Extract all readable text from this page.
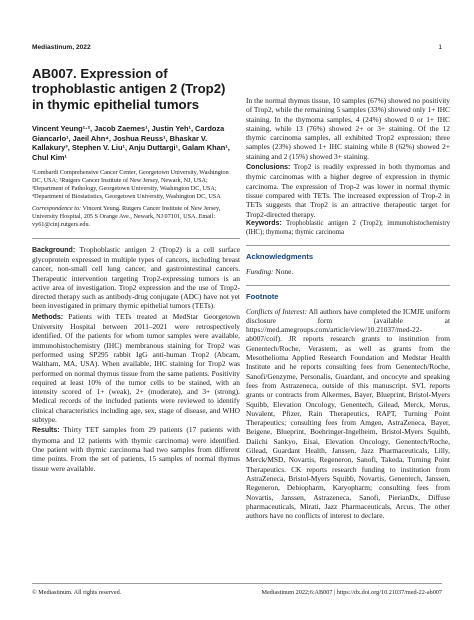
Mediastinum, 2022	1
AB007. Expression of trophoblastic antigen 2 (Trop2) in thymic epithelial tumors
Vincent Yeung¹·², Jacob Zaemes¹, Justin Yeh¹, Cardoza Giancarlo¹, Jaeil Ahn⁴, Joshua Reuss¹, Bhaskar V. Kallakury³, Stephen V. Liu¹, Anju Duttargi¹, Galam Khan¹, Chul Kim¹
¹Lombardi Comprehensive Cancer Center, Georgetown University, Washington DC, USA; ²Rutgers Cancer Institute of New Jersey, Newark, NJ, USA; ³Department of Pathology, Georgetown University, Washington DC, USA; ⁴Department of Biostatistics, Georgetown University, Washington DC, USA
Correspondence to: Vincent Yeung. Rutgers Cancer Institute of New Jersey, University Hospital, 205 S Orange Ave., Newark, NJ 07101, USA. Email: vy61@cinj.rutgers.edu.

Background: Trophoblastic antigen 2 (Trop2) is a cell surface glycoprotein expressed in multiple types of cancers, including breast cancer, non-small cell lung cancer, and gastrointestinal cancers. Therapeutic intervention targeting Trop2-expressing tumors is an active area of investigation. Trop2 expression and the use of Trop2-directed therapy such as antibody-drug conjugate (ADC) have not yet been investigated in primary thymic epithelial tumors (TETs).

Methods: Patients with TETs treated at MedStar Georgetown University Hospital between 2011–2021 were retrospectively identified. Of the patients for whom tumor samples were available, immunohistochemistry (IHC) membranous staining for Trop2 was performed using SP295 rabbit IgG anti-human Trop2 (Abcam, Waltham, MA, USA). When available, IHC staining for Trop2 was performed on normal thymus tissue from the same patients. Positivity required at least 10% of the tumor cells to be stained, with an intensity scored of 1+ (weak), 2+ (moderate), and 3+ (strong). Medical records of the included patients were reviewed to identify clinical characteristics including age, sex, stage of disease, and WHO subtype.

Results: Thirty TET samples from 29 patients (17 patients with thymoma and 12 patients with thymic carcinoma) were identified. One patient with thymic carcinoma had two samples from different time points. From the set of patients, 15 samples of normal thymus tissue were available.

In the normal thymus tissue, 10 samples (67%) showed no positivity of Trop2, while the remaining 5 samples (33%) showed only 1+ IHC staining. In the thymoma samples, 4 (24%) showed 0 or 1+ IHC staining, while 13 (76%) showed 2+ or 3+ staining. Of the 12 thymic carcinoma samples, all exhibited Trop2 expression; three samples (23%) showed 1+ IHC staining while 8 (62%) showed 2+ staining and 2 (15%) showed 3+ staining.

Conclusions: Trop2 is readily expressed in both thymomas and thymic carcinomas with a higher degree of expression in thymic carcinoma. The expression of Trop-2 was lower in normal thymic tissue compared with TETs. The increased expression of Trop-2 in TETs suggests that Trop2 is an attractive therapeutic target for Trop2-directed therapy.

Keywords: Trophoblastic antigen 2 (Trop2); immunohistochemistry (IHC); thymoma; thymic carcinoma

Acknowledgments

Funding: None.

Footnote

Conflicts of Interest: All authors have completed the ICMJE uniform disclosure form (available at https://med.amegroups.com/article/view/10.21037/med-22-ab007/coif). JR reports research grants to institution from Genentech/Roche, Verastem, as well as grants from the Mesothelioma Applied Research Foundation and Medstar Health Institute and he reports consulting fees from Genentech/Roche, Sanofi/Genzyme, Personalis, Guardant, and oncocyte and speaking fees from Astrazeneca, outside of this manuscript. SVL reports grants or contracts from Alkermes, Bayer, Blueprint, Bristol-Myers Squibb, Elevation Oncology, Genentech, Gilead, Merck, Merus, Nuvalent, Pfizer, Rain Therapeutics, RAPT, Turning Point Therapeutics; consulting fees from Amgen, AstraZeneca, Bayer, Beigene, Blueprint, Boehringer-Ingelheim, Bristol-Myers Squibb, Daiichi Sankyo, Eisai, Elevation Oncology, Genentech/Roche, Gilead, Guardant Health, Janssen, Jazz Pharmaceuticals, Lilly, Merck/MSD, Novartis, Regeneron, Sanofi, Takeda, Turning Point Therapeutics. CK reports research funding to institution from AstraZeneca, Bristol-Myers Squibb, Novartis, Genentech, Janssen, Regeneron, Debiopharm, Karyopharm; consulting fees from Novartis, Janssen, Astrazeneca, Sanofi, PierianDx, Diffuse pharmaceuticals, Mirati, Jazz Pharmaceuticals, Arcus. The other authors have no conflicts of interest to declare.

© Mediastinum. All rights reserved.	Mediastinum 2022;6:AB007 | https://dx.doi.org/10.21037/med-22-ab007
